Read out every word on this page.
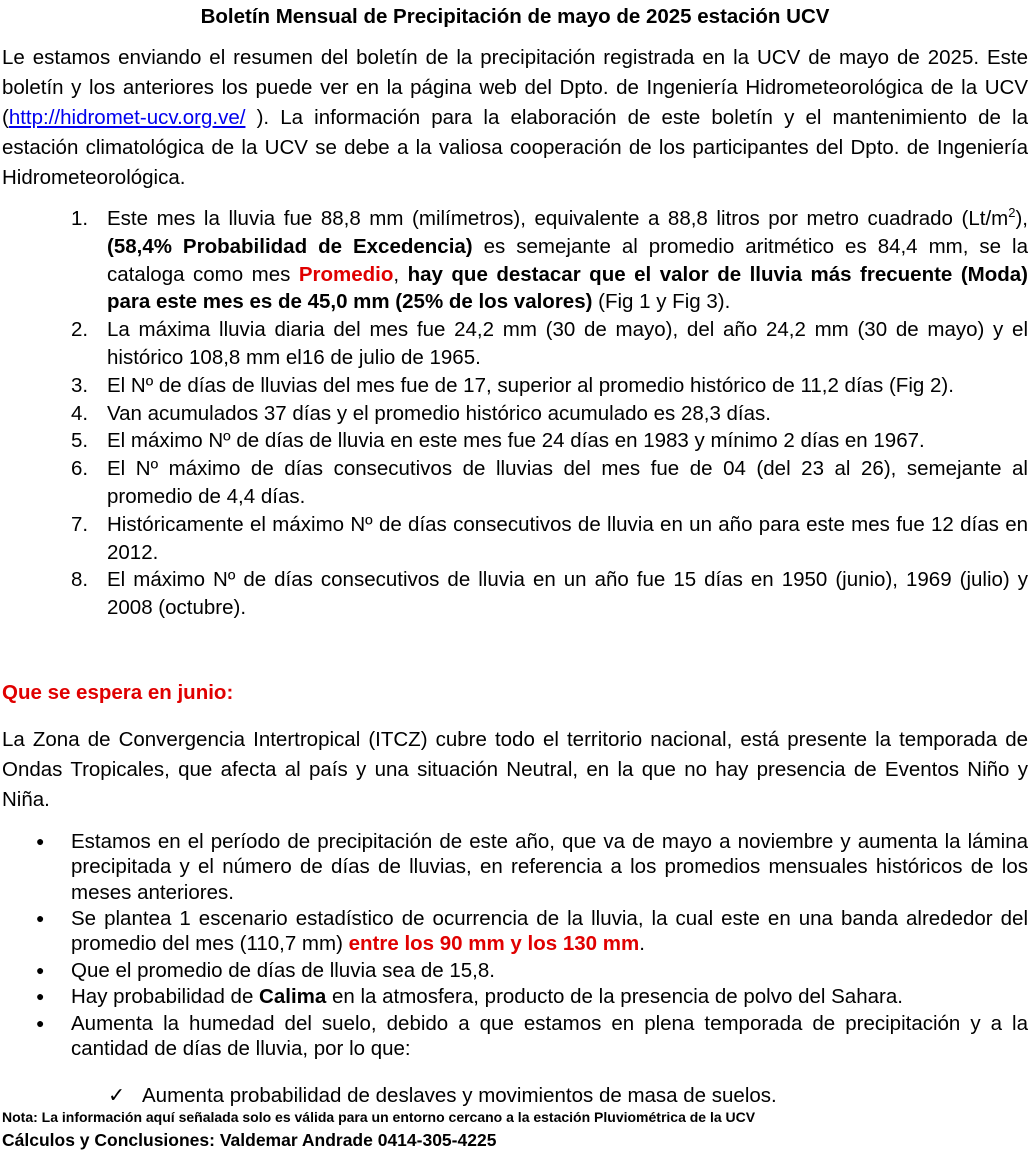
Boletín Mensual de Precipitación de mayo de 2025 estación UCV

Le estamos enviando el resumen del boletín de la precipitación registrada en la UCV de mayo de 2025. Este boletín y los anteriores los puede ver en la página web del Dpto. de Ingeniería Hidrometeorológica de la UCV (http://hidromet-ucv.org.ve/ ). La información para la elaboración de este boletín y el mantenimiento de la estación climatológica de la UCV se debe a la valiosa cooperación de los participantes del Dpto. de Ingeniería Hidrometeorológica.

1. Este mes la lluvia fue 88,8 mm (milímetros), equivalente a 88,8 litros por metro cuadrado $(Lt/m^2)$, (58,4% Probabilidad de Excedencia) es semejante al promedio aritmético es 84,4 mm, se la cataloga como mes Promedio, hay que destacar que el valor de lluvia más frecuente (Moda) para este mes es de 45,0 mm (25% de los valores) (Fig 1 y Fig 3).
2. La máxima lluvia diaria del mes fue 24,2 mm (30 de mayo), del año 24,2 mm (30 de mayo) y el histórico 108,8 mm el16 de julio de 1965.
3. El Nº de días de lluvias del mes fue de 17, superior al promedio histórico de 11,2 días (Fig 2).
4. Van acumulados 37 días y el promedio histórico acumulado es 28,3 días.
5. El máximo Nº de días de lluvia en este mes fue 24 días en 1983 y mínimo 2 días en 1967.
6. El Nº máximo de días consecutivos de lluvias del mes fue de 04 (del 23 al 26), semejante al promedio de 4,4 días.
7. Históricamente el máximo Nº de días consecutivos de lluvia en un año para este mes fue 12 días en 2012.
8. El máximo Nº de días consecutivos de lluvia en un año fue 15 días en 1950 (junio), 1969 (julio) y 2008 (octubre).
Que se espera en junio:

La Zona de Convergencia Intertropical (ITCZ) cubre todo el territorio nacional, está presente la temporada de Ondas Tropicales, que afecta al país y una situación Neutral, en la que no hay presencia de Eventos Niño y Niña.

● Estamos en el período de precipitación de este año, que va de mayo a noviembre y aumenta la lámina precipitada y el número de días de lluvias, en referencia a los promedios mensuales históricos de los meses anteriores.
● Se plantea 1 escenario estadístico de ocurrencia de la lluvia, la cual este en una banda alrededor del promedio del mes (110,7 mm) entre los 90 mm y los 130 mm.
● Que el promedio de días de lluvia sea de 15,8.
● Hay probabilidad de Calima en la atmosfera, producto de la presencia de polvo del Sahara.
● Aumenta la humedad del suelo, debido a que estamos en plena temporada de precipitación y a la cantidad de días de lluvia, por lo que:
✓ Aumenta probabilidad de deslaves y movimientos de masa de suelos.
Nota: La información aquí señalada solo es válida para un entorno cercano a la estación Pluviométrica de la UCV
Cálculos y Conclusiones: Valdemar Andrade 0414-305-4225
